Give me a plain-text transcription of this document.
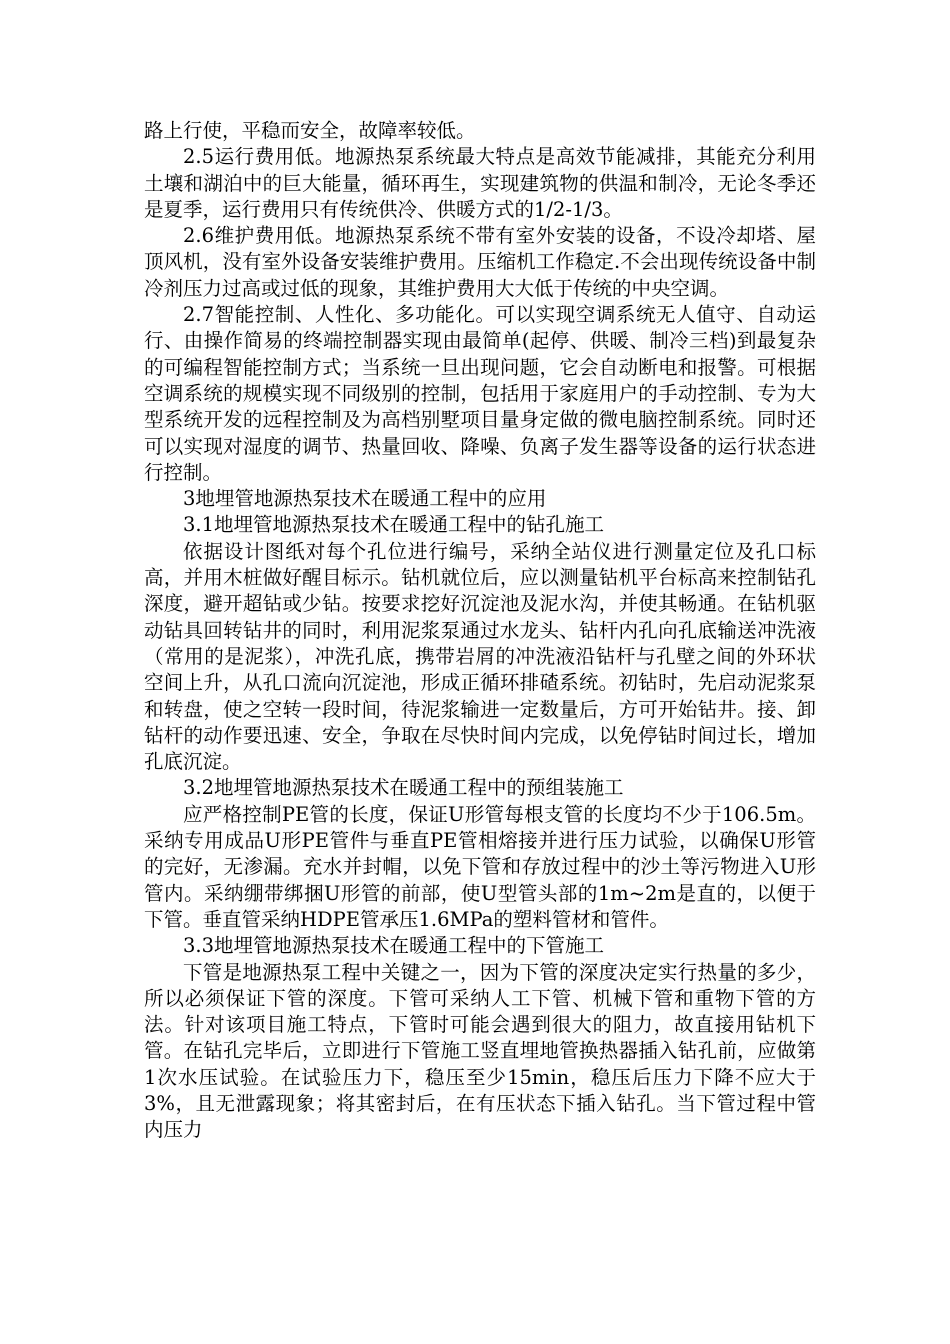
路上行使，平稳而安全，故障率较低。

2.5运行费用低。地源热泵系统最大特点是高效节能减排，其能充分利用土壤和湖泊中的巨大能量，循环再生，实现建筑物的供温和制冷，无论冬季还是夏季，运行费用只有传统供冷、供暖方式的1/2-1/3。

2.6维护费用低。地源热泵系统不带有室外安装的设备，不设冷却塔、屋顶风机，没有室外设备安装维护费用。压缩机工作稳定.不会出现传统设备中制冷剂压力过高或过低的现象，其维护费用大大低于传统的中央空调。

2.7智能控制、人性化、多功能化。可以实现空调系统无人值守、自动运行、由操作简易的终端控制器实现由最简单(起停、供暖、制冷三档)到最复杂的可编程智能控制方式；当系统一旦出现问题，它会自动断电和报警。可根据空调系统的规模实现不同级别的控制，包括用于家庭用户的手动控制、专为大型系统开发的远程控制及为高档别墅项目量身定做的微电脑控制系统。同时还可以实现对湿度的调节、热量回收、降噪、负离子发生器等设备的运行状态进行控制。

3地埋管地源热泵技术在暖通工程中的应用

3.1地埋管地源热泵技术在暖通工程中的钻孔施工

依据设计图纸对每个孔位进行编号，采纳全站仪进行测量定位及孔口标高，并用木桩做好醒目标示。钻机就位后，应以测量钻机平台标高来控制钻孔深度，避开超钻或少钻。按要求挖好沉淀池及泥水沟，并使其畅通。在钻机驱动钻具回转钻井的同时，利用泥浆泵通过水龙头、钻杆内孔向孔底输送冲洗液（常用的是泥浆），冲洗孔底，携带岩屑的冲洗液沿钻杆与孔壁之间的外环状空间上升，从孔口流向沉淀池，形成正循环排碴系统。初钻时，先启动泥浆泵和转盘，使之空转一段时间，待泥浆输进一定数量后，方可开始钻井。接、卸钻杆的动作要迅速、安全，争取在尽快时间内完成，以免停钻时间过长，增加孔底沉淀。

3.2地埋管地源热泵技术在暖通工程中的预组装施工

应严格控制PE管的长度，保证U形管每根支管的长度均不少于106.5m。采纳专用成品U形PE管件与垂直PE管相熔接并进行压力试验，以确保U形管的完好，无渗漏。充水并封帽，以免下管和存放过程中的沙土等污物进入U形管内。采纳绷带绑捆U形管的前部，使U型管头部的1m~2m是直的，以便于下管。垂直管采纳HDPE管承压1.6MPa的塑料管材和管件。

3.3地埋管地源热泵技术在暖通工程中的下管施工

下管是地源热泵工程中关键之一，因为下管的深度决定实行热量的多少，所以必须保证下管的深度。下管可采纳人工下管、机械下管和重物下管的方法。针对该项目施工特点，下管时可能会遇到很大的阻力，故直接用钻机下管。在钻孔完毕后，立即进行下管施工竖直埋地管换热器插入钻孔前，应做第1次水压试验。在试验压力下，稳压至少15min，稳压后压力下降不应大于3%，且无泄露现象；将其密封后，在有压状态下插入钻孔。当下管过程中管内压力
